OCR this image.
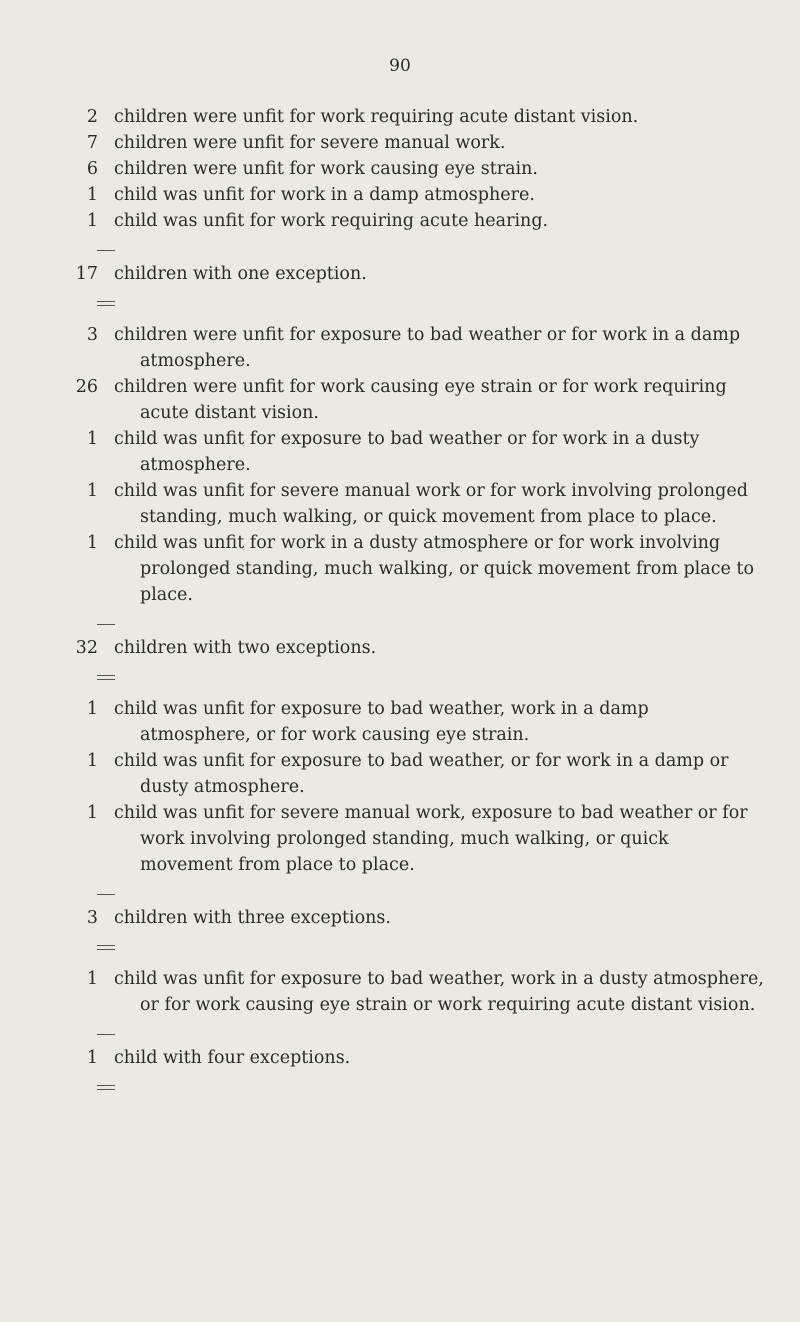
90
2 children were unfit for work requiring acute distant vision.
7 children were unfit for severe manual work.
6 children were unfit for work causing eye strain.
1 child was unfit for work in a damp atmosphere.
1 child was unfit for work requiring acute hearing.
17 children with one exception.
3 children were unfit for exposure to bad weather or for work in a damp atmosphere.
26 children were unfit for work causing eye strain or for work requiring acute distant vision.
1 child was unfit for exposure to bad weather or for work in a dusty atmosphere.
1 child was unfit for severe manual work or for work involving prolonged standing, much walking, or quick movement from place to place.
1 child was unfit for work in a dusty atmosphere or for work involving prolonged standing, much walking, or quick movement from place to place.
32 children with two exceptions.
1 child was unfit for exposure to bad weather, work in a damp atmosphere, or for work causing eye strain.
1 child was unfit for exposure to bad weather, or for work in a damp or dusty atmosphere.
1 child was unfit for severe manual work, exposure to bad weather or for work involving prolonged standing, much walking, or quick movement from place to place.
3 children with three exceptions.
1 child was unfit for exposure to bad weather, work in a dusty atmosphere, or for work causing eye strain or work requiring acute distant vision.
1 child with four exceptions.
